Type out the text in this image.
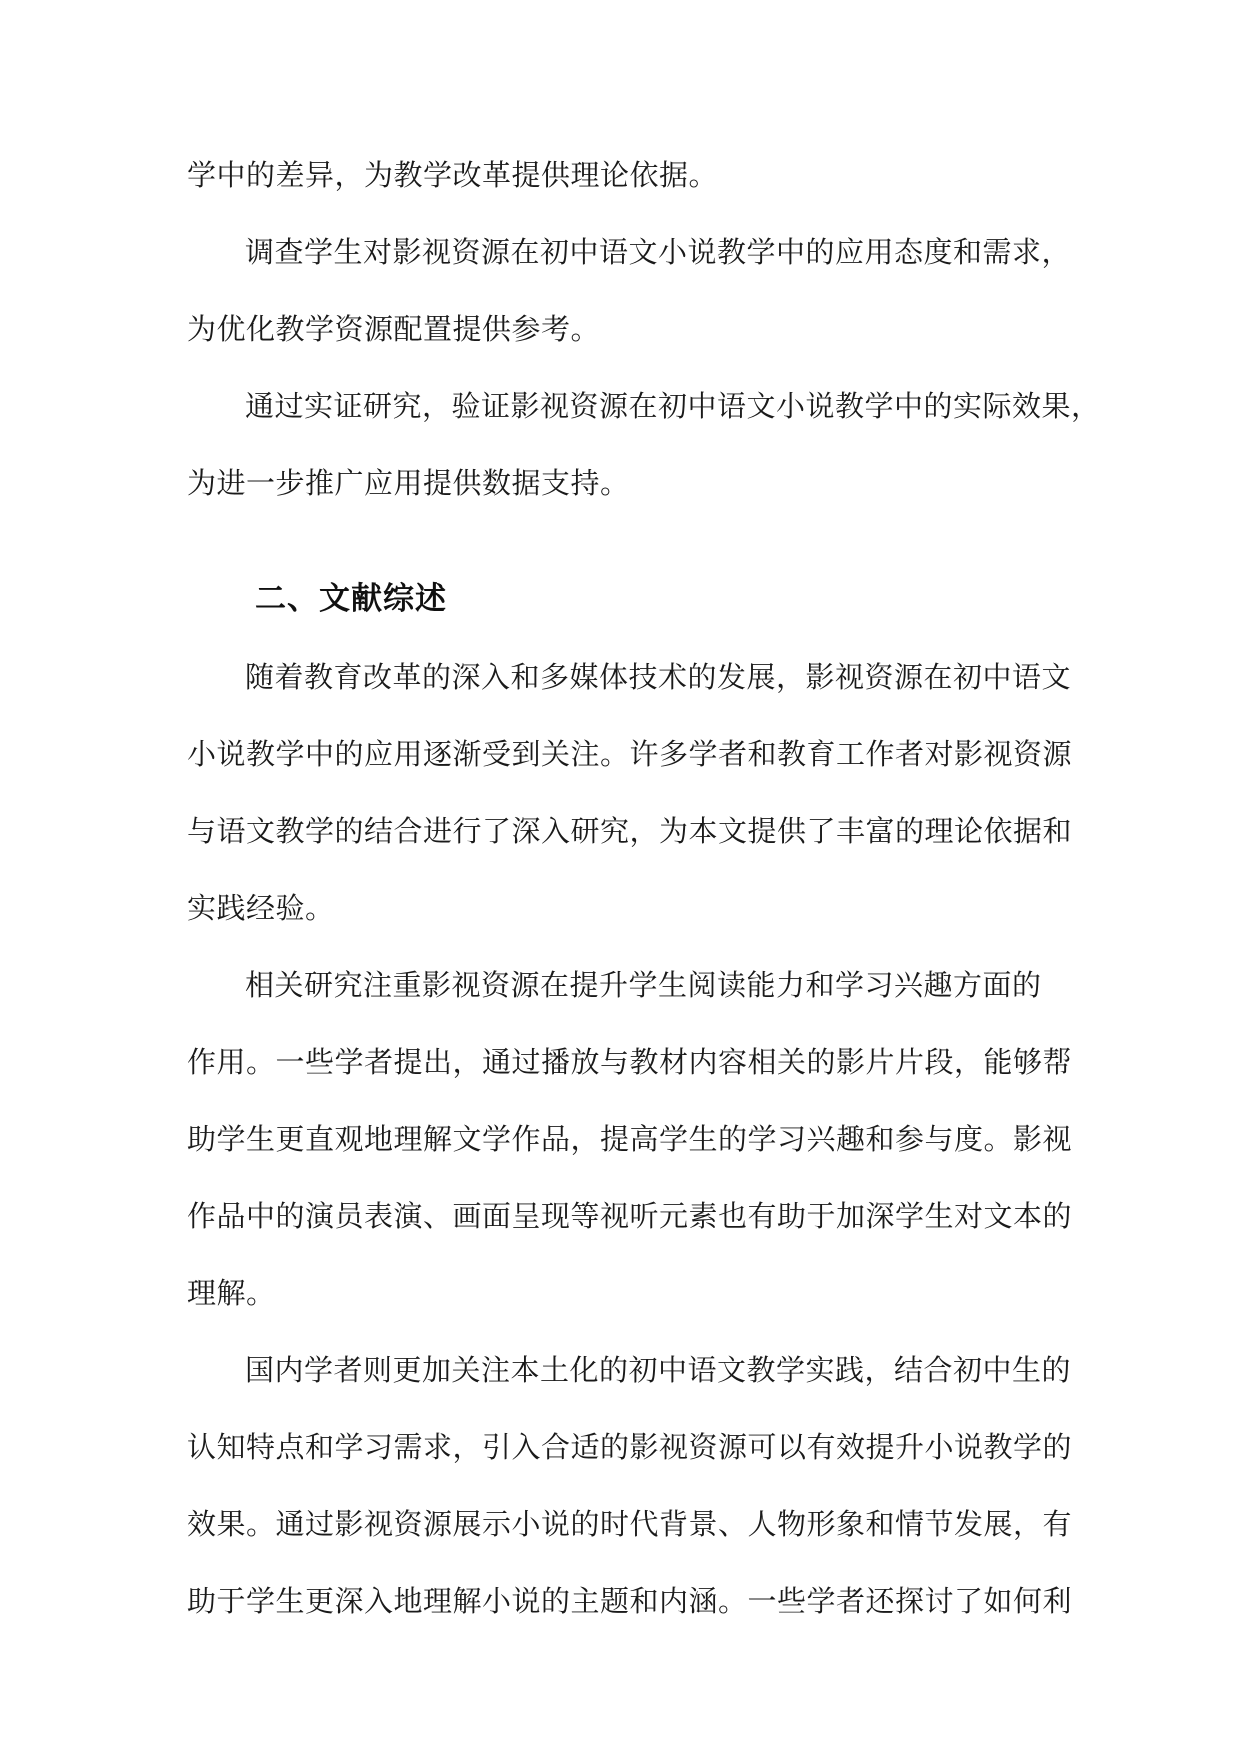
学中的差异，为教学改革提供理论依据。
调查学生对影视资源在初中语文小说教学中的应用态度和需求，
为优化教学资源配置提供参考。
通过实证研究，验证影视资源在初中语文小说教学中的实际效果，
为进一步推广应用提供数据支持。
二、文献综述
随着教育改革的深入和多媒体技术的发展，影视资源在初中语文
小说教学中的应用逐渐受到关注。许多学者和教育工作者对影视资源
与语文教学的结合进行了深入研究，为本文提供了丰富的理论依据和
实践经验。
相关研究注重影视资源在提升学生阅读能力和学习兴趣方面的
作用。一些学者提出，通过播放与教材内容相关的影片片段，能够帮
助学生更直观地理解文学作品，提高学生的学习兴趣和参与度。影视
作品中的演员表演、画面呈现等视听元素也有助于加深学生对文本的
理解。
国内学者则更加关注本土化的初中语文教学实践，结合初中生的
认知特点和学习需求，引入合适的影视资源可以有效提升小说教学的
效果。通过影视资源展示小说的时代背景、人物形象和情节发展，有
助于学生更深入地理解小说的主题和内涵。一些学者还探讨了如何利
